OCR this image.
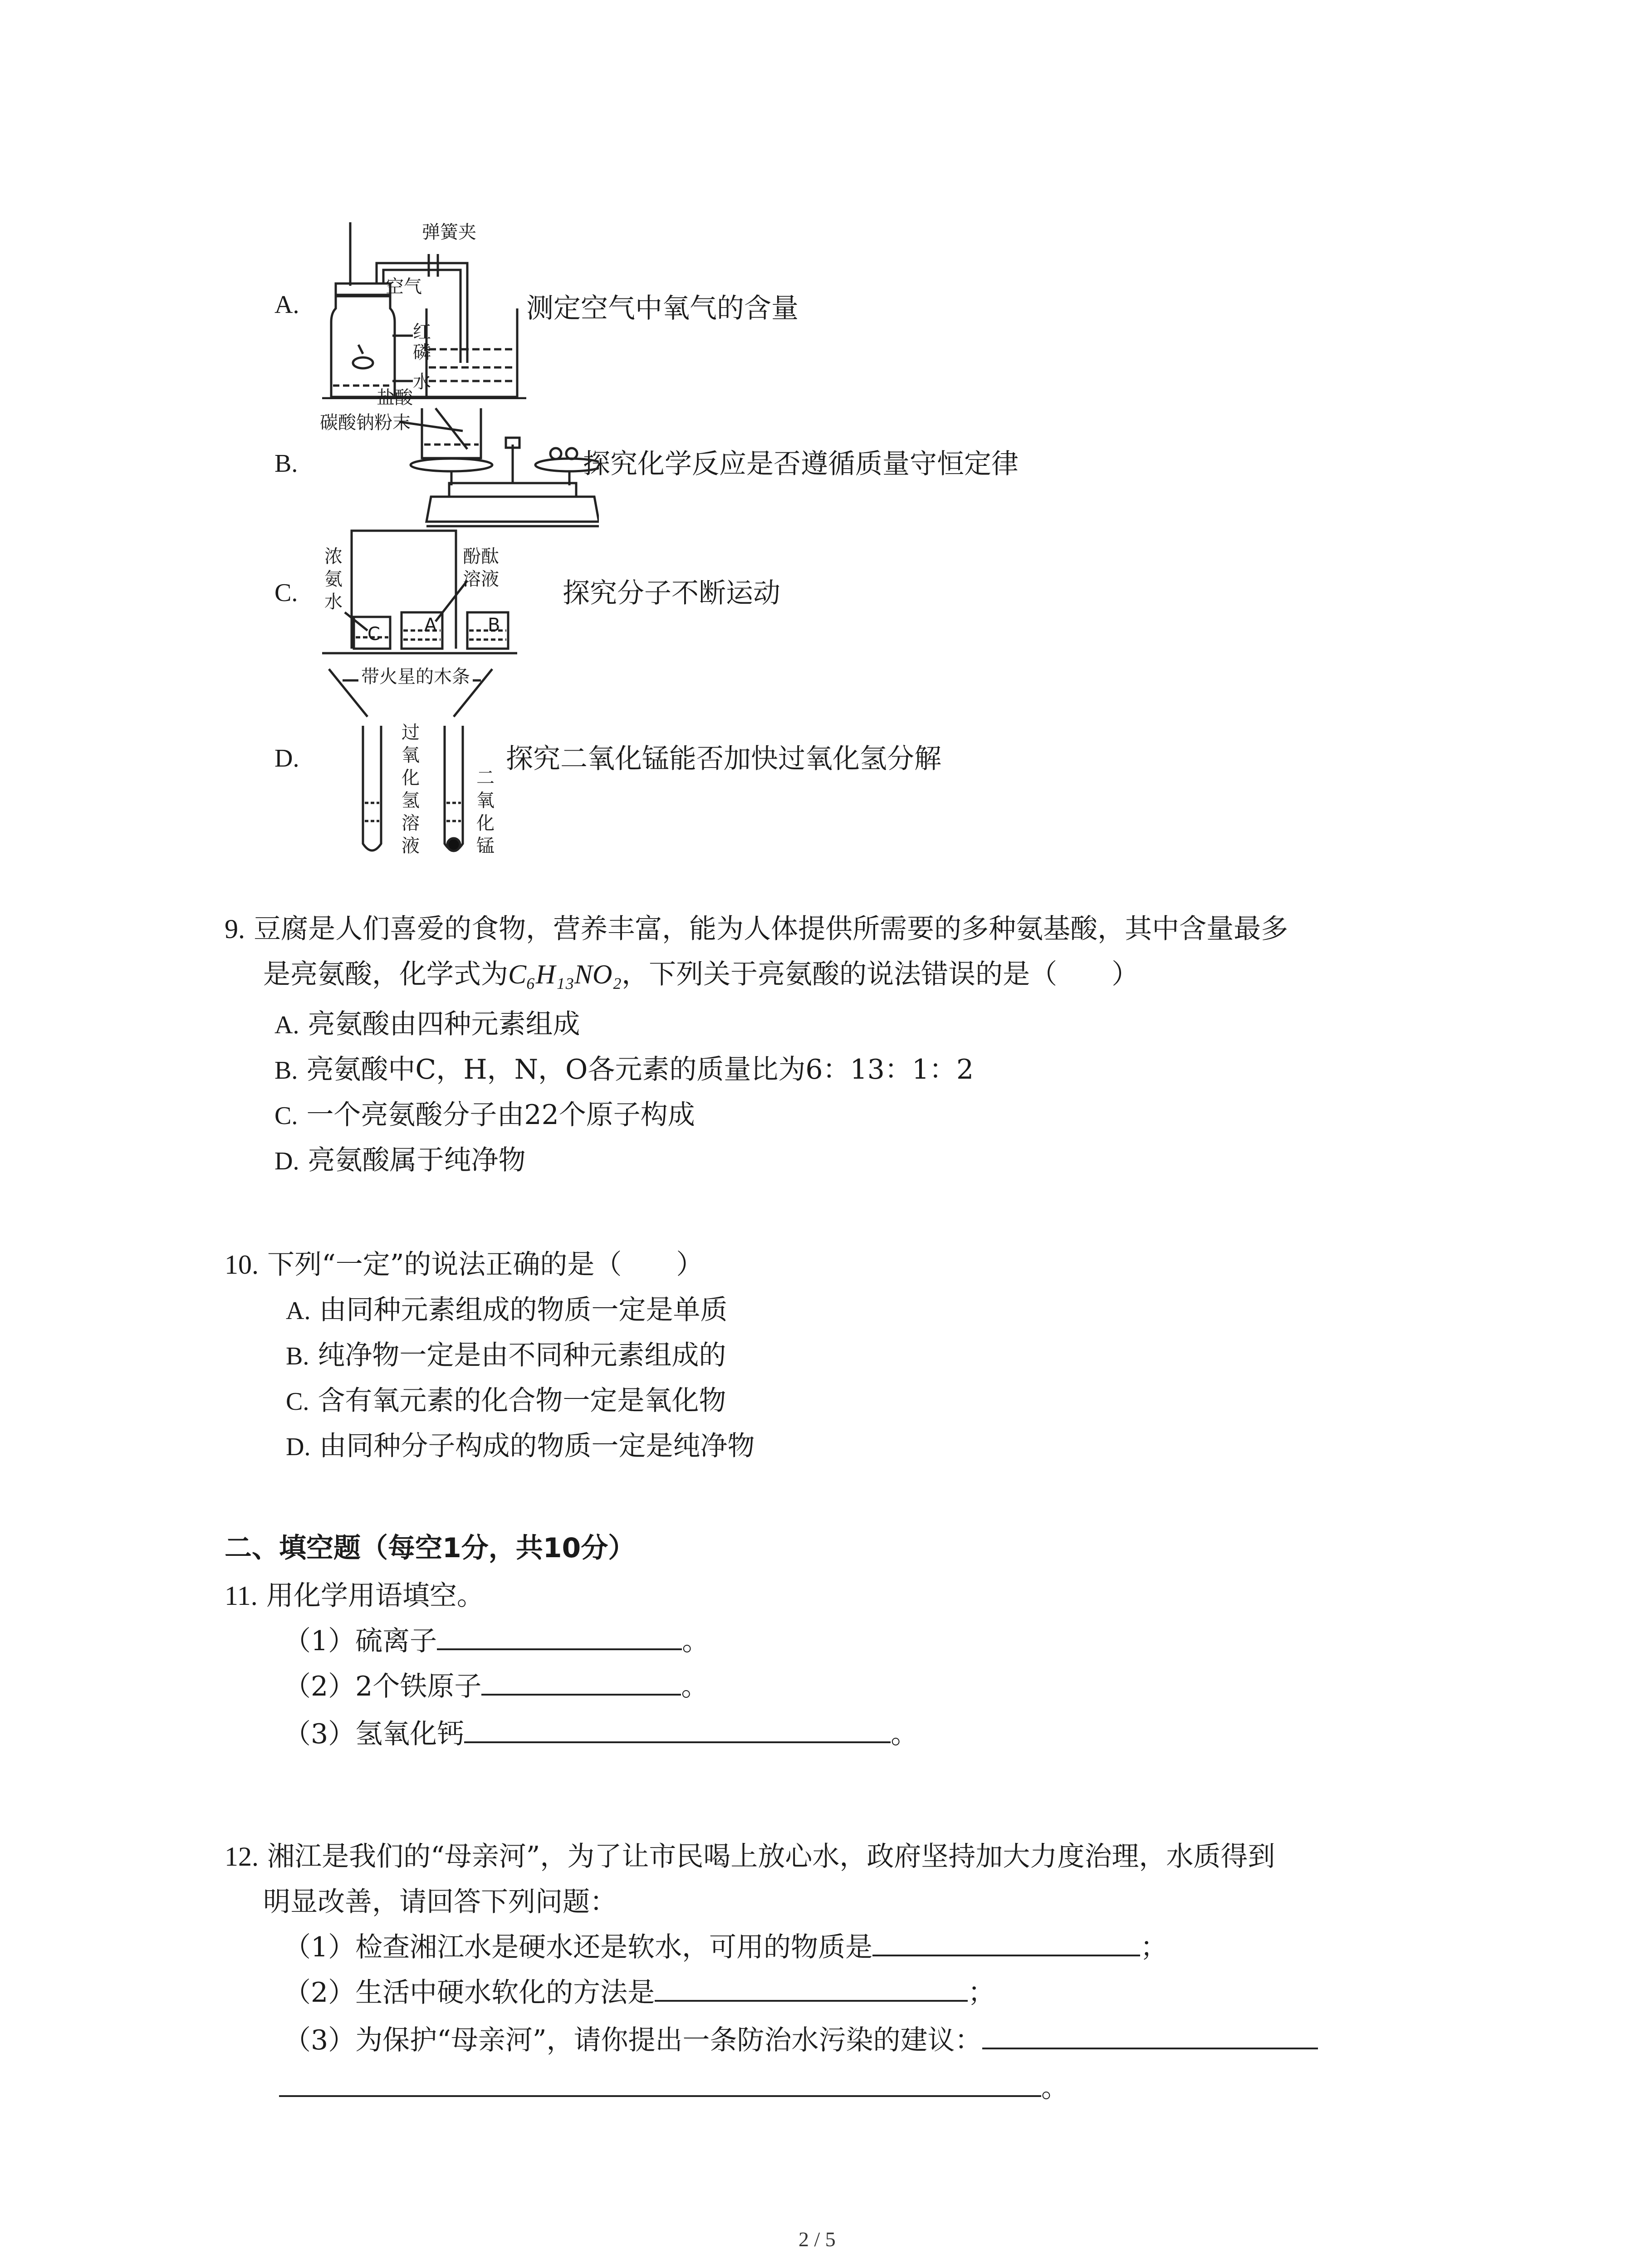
A.	测定空气中氧气的含量
弹簧夹
空气
红
磷
水
B.	探究化学反应是否遵循质量守恒定律
盐酸
碳酸钠粉末
C.	探究分子不断运动
浓
氨
水
酚酞
溶液
C A	B
D.	探究二氧化锰能否加快过氧化氢分解
带火星的木条
过
氧
化
氢
溶
液
二
氧
化
锰
9. 豆腐是人们喜爱的食物，营养丰富，能为人体提供所需要的多种氨基酸，其中含量最多
是亮氨酸，化学式为C₆H₁₃NO₂，下列关于亮氨酸的说法错误的是（　　）
A. 亮氨酸由四种元素组成
B. 亮氨酸中C，H，N，O各元素的质量比为6：13：1：2
C. 一个亮氨酸分子由22个原子构成
D. 亮氨酸属于纯净物
10. 下列“一定”的说法正确的是（　　）
A. 由同种元素组成的物质一定是单质
B. 纯净物一定是由不同种元素组成的
C. 含有氧元素的化合物一定是氧化物
D. 由同种分子构成的物质一定是纯净物
二、填空题（每空1分，共10分）
11. 用化学用语填空。
（1）硫离子	。
（2）2个铁原子	。
（3）氢氧化钙	。
12. 湘江是我们的“母亲河”，为了让市民喝上放心水，政府坚持加大力度治理，水质得到
明显改善，请回答下列问题：
（1）检查湘江水是硬水还是软水，可用的物质是	；
（2）生活中硬水软化的方法是	；
（3）为保护“母亲河”，请你提出一条防治水污染的建议：
。
2 / 5
